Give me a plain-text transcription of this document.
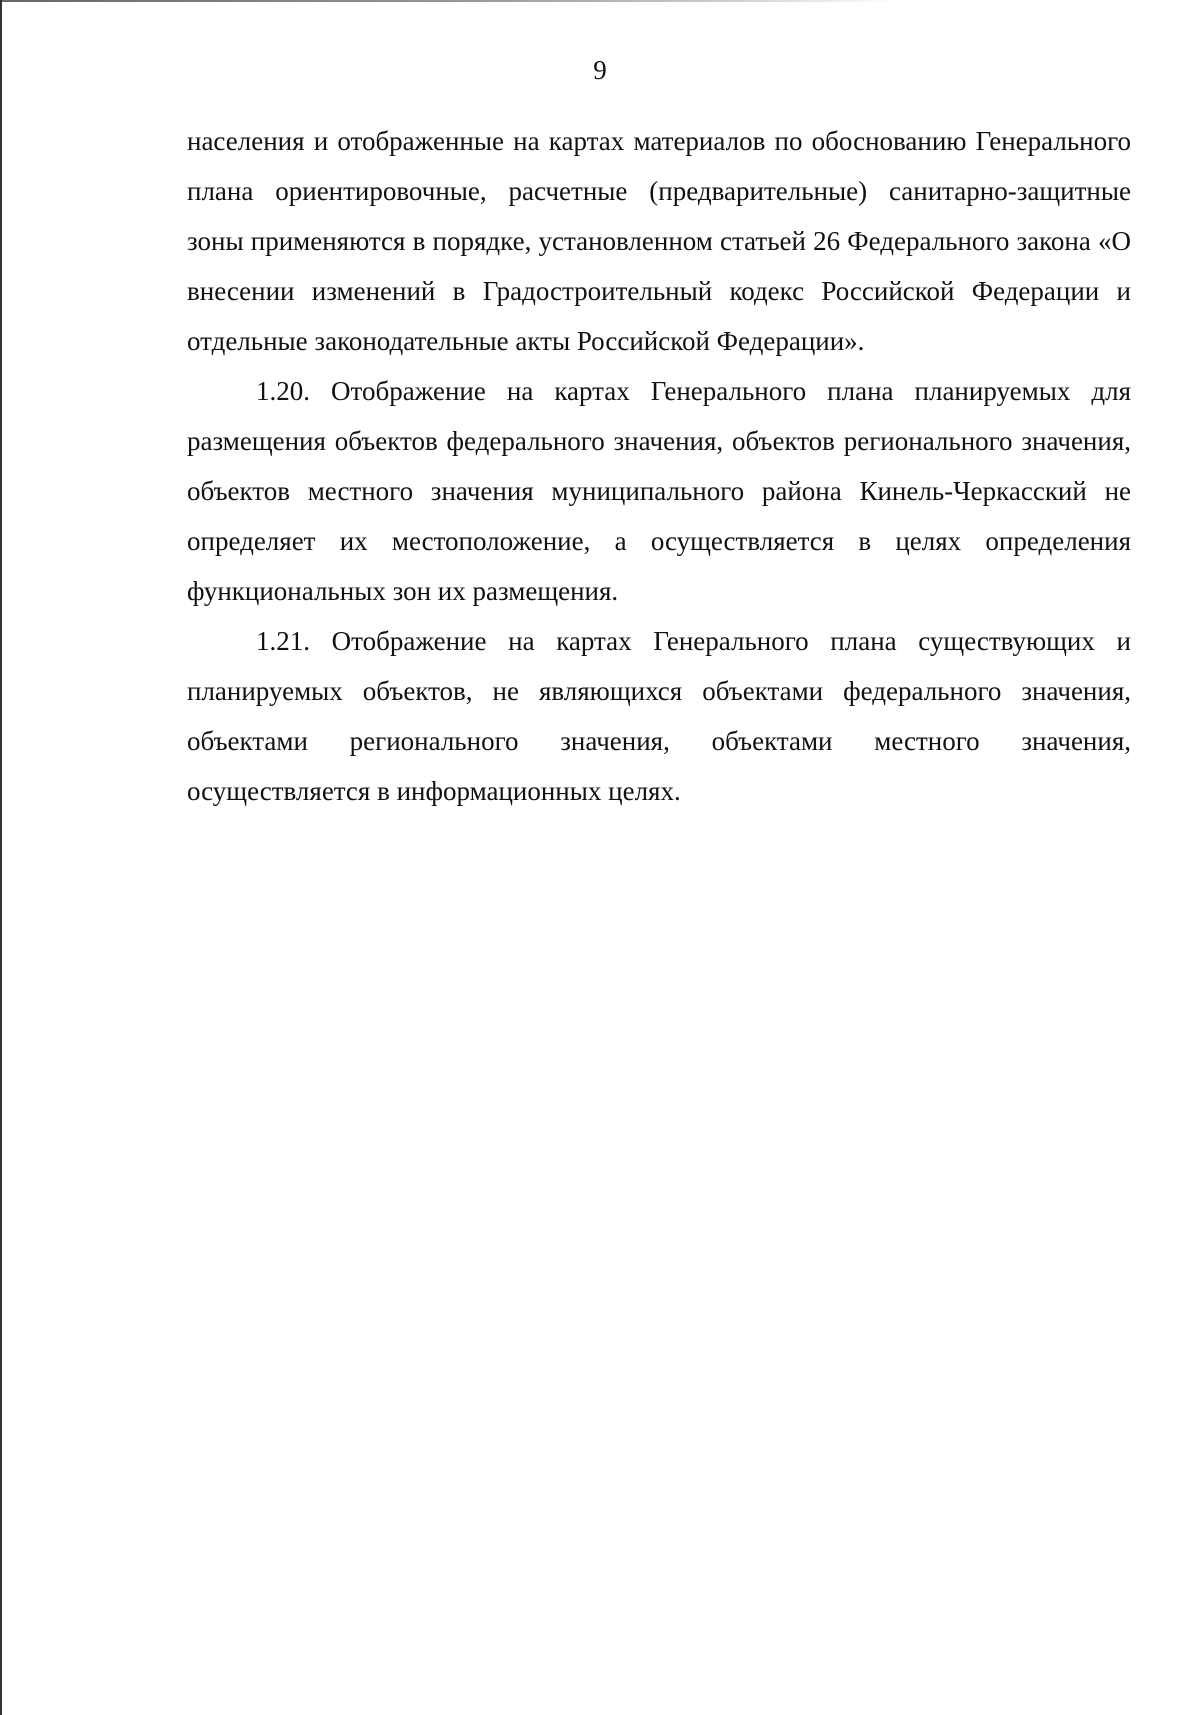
9

населения и отображенные на картах материалов по обоснованию Генерального плана ориентировочные, расчетные (предварительные) санитарно-защитные зоны применяются в порядке, установленном статьей 26 Федерального закона «О внесении изменений в Градостроительный кодекс Российской Федерации и отдельные законодательные акты Российской Федерации».

1.20. Отображение на картах Генерального плана планируемых для размещения объектов федерального значения, объектов регионального значения, объектов местного значения муниципального района Кинель-Черкасский не определяет их местоположение, а осуществляется в целях определения функциональных зон их размещения.

1.21. Отображение на картах Генерального плана существующих и планируемых объектов, не являющихся объектами федерального значения, объектами регионального значения, объектами местного значения, осуществляется в информационных целях.
